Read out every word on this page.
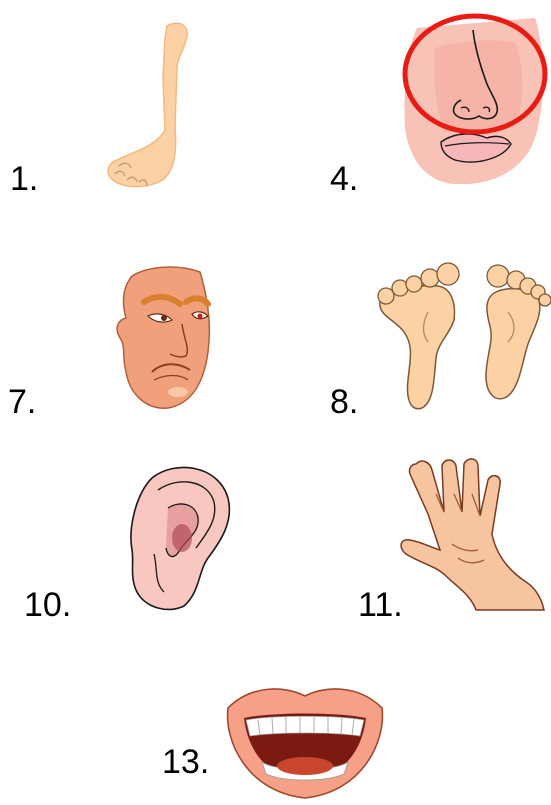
1.	4.
7.	8.
10.	11.
13.
